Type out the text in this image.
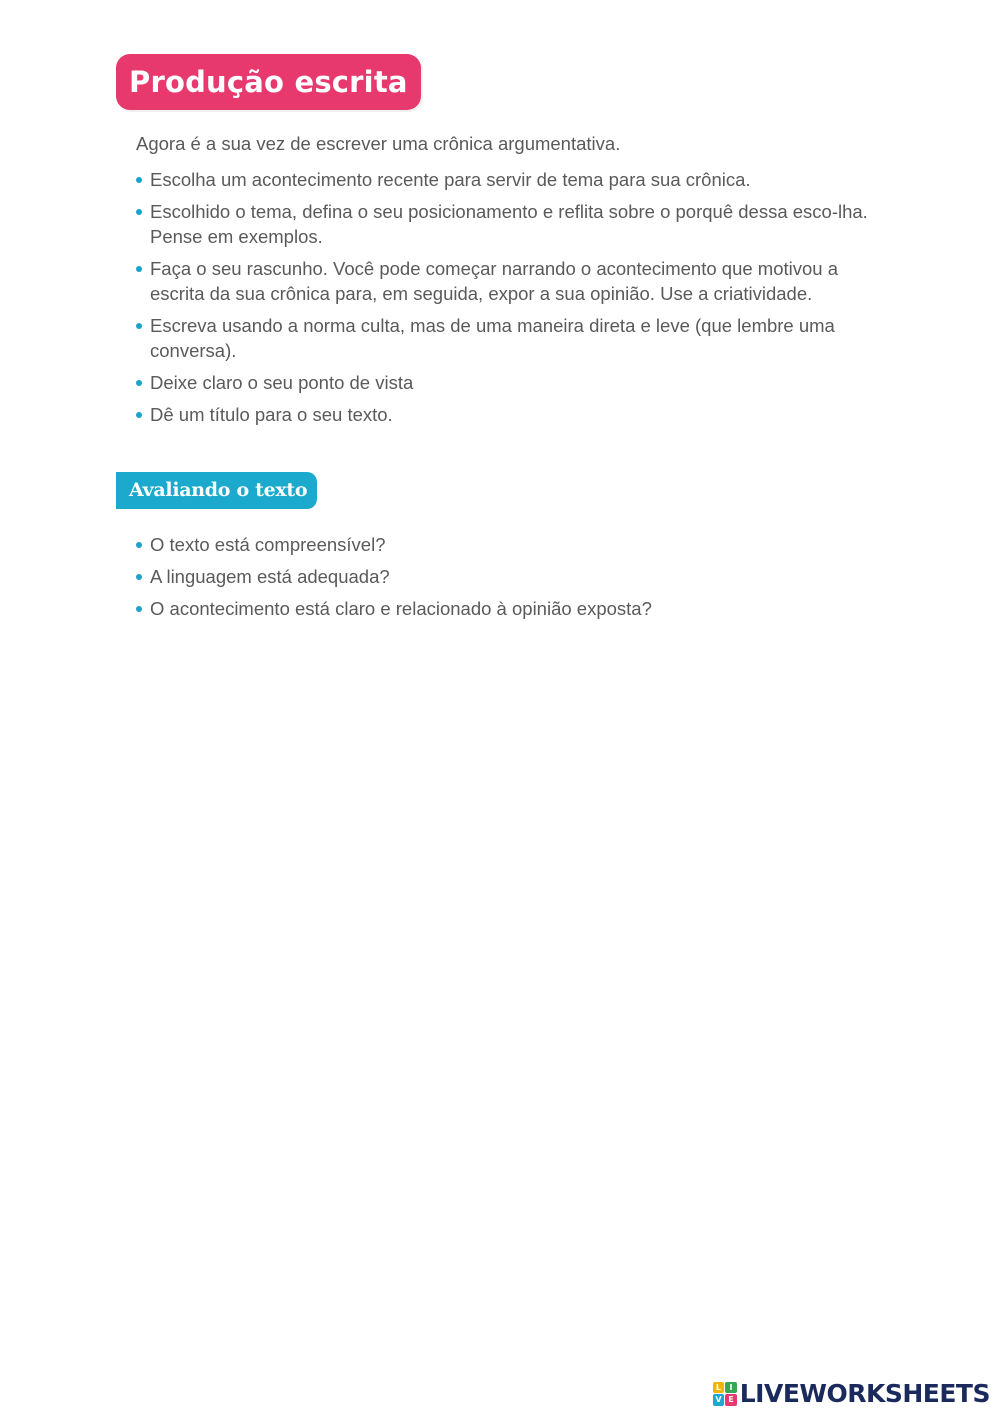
Produção escrita
Agora é a sua vez de escrever uma crônica argumentativa.
Escolha um acontecimento recente para servir de tema para sua crônica.
Escolhido o tema, defina o seu posicionamento e reflita sobre o porquê dessa esco-lha. Pense em exemplos.
Faça o seu rascunho. Você pode começar narrando o acontecimento que motivou a escrita da sua crônica para, em seguida, expor a sua opinião. Use a criatividade.
Escreva usando a norma culta, mas de uma maneira direta e leve (que lembre uma conversa).
Deixe claro o seu ponto de vista
Dê um título para o seu texto.
Avaliando o texto
O texto está compreensível?
A linguagem está adequada?
O acontecimento está claro e relacionado à opinião exposta?
L	I
V E LIVEWORKSHEETS
